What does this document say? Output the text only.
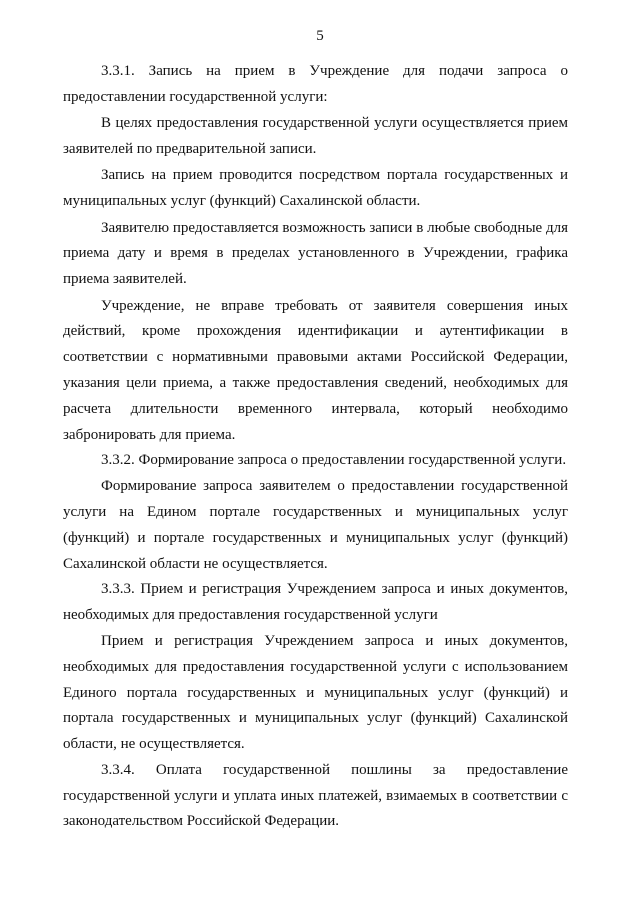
5

3.3.1. Запись на прием в Учреждение для подачи запроса о предоставлении государственной услуги:

В целях предоставления государственной услуги осуществляется прием заявителей по предварительной записи.

Запись на прием проводится посредством портала государственных и муниципальных услуг (функций) Сахалинской области.

Заявителю предоставляется возможность записи в любые свободные для приема дату и время в пределах установленного в Учреждении, графика приема заявителей.

Учреждение, не вправе требовать от заявителя совершения иных действий, кроме прохождения идентификации и аутентификации в соответствии с нормативными правовыми актами Российской Федерации, указания цели приема, а также предоставления сведений, необходимых для расчета длительности временного интервала, который необходимо забронировать для приема.

3.3.2. Формирование запроса о предоставлении государственной услуги.

Формирование запроса заявителем о предоставлении государственной услуги на Едином портале государственных и муниципальных услуг (функций) и портале государственных и муниципальных услуг (функций) Сахалинской области не осуществляется.

3.3.3. Прием и регистрация Учреждением запроса и иных документов, необходимых для предоставления государственной услуги

Прием и регистрация Учреждением запроса и иных документов, необходимых для предоставления государственной услуги с использованием Единого портала государственных и муниципальных услуг (функций) и портала государственных и муниципальных услуг (функций) Сахалинской области, не осуществляется.

3.3.4. Оплата государственной пошлины за предоставление государственной услуги и уплата иных платежей, взимаемых в соответствии с законодательством Российской Федерации.
